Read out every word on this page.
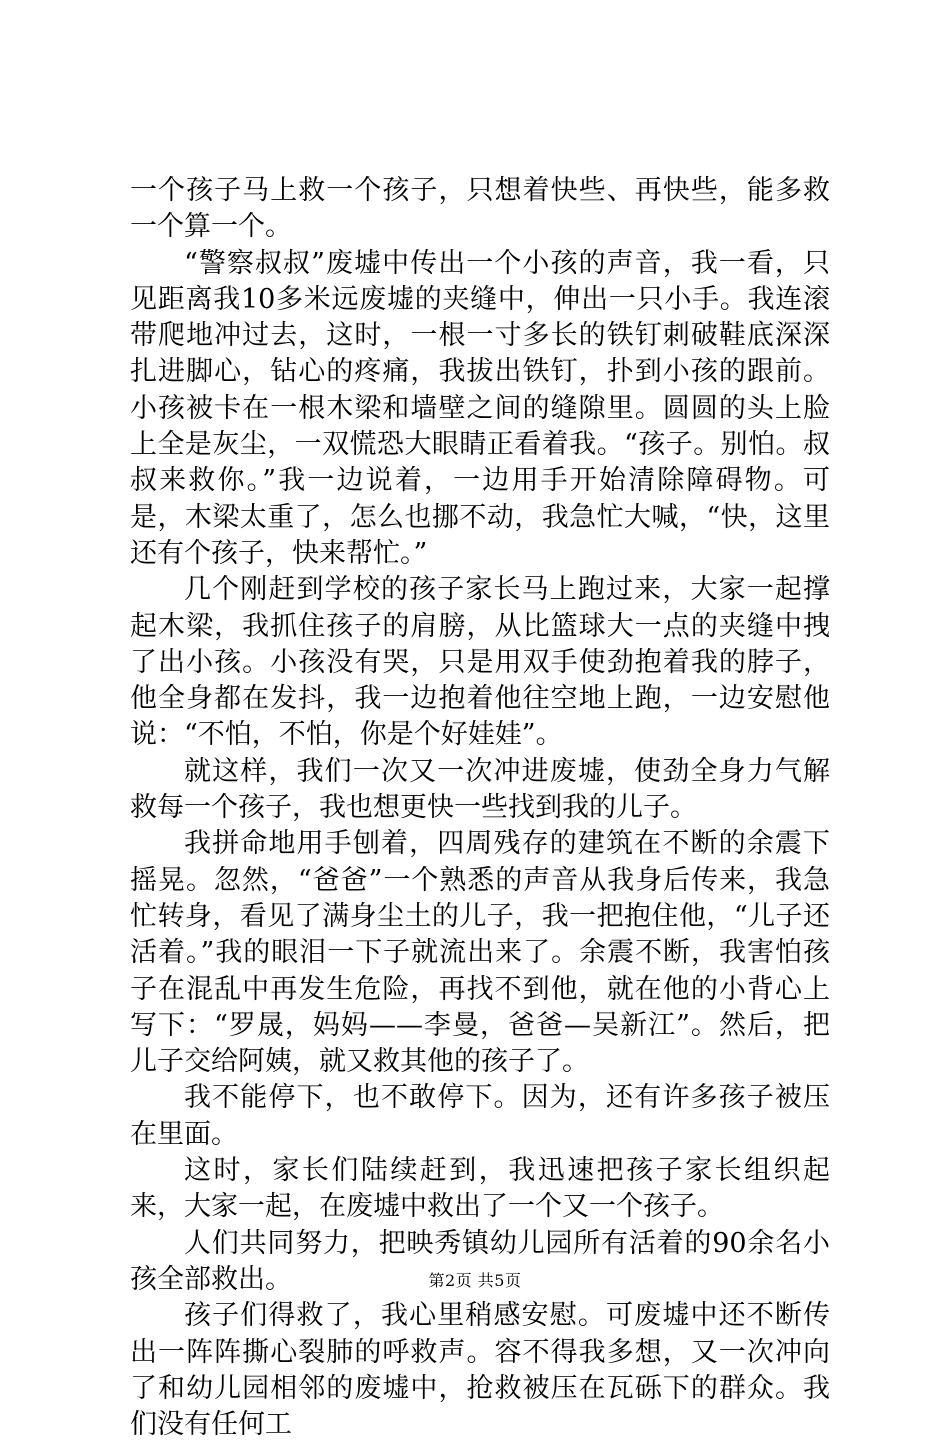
一个孩子马上救一个孩子，只想着快些、再快些，能多救一个算一个。

“警察叔叔”废墟中传出一个小孩的声音，我一看，只见距离我10多米远废墟的夹缝中，伸出一只小手。我连滚带爬地冲过去，这时，一根一寸多长的铁钉刺破鞋底深深扎进脚心，钻心的疼痛，我拔出铁钉，扑到小孩的跟前。小孩被卡在一根木梁和墙壁之间的缝隙里。圆圆的头上脸上全是灰尘，一双慌恐大眼睛正看着我。“孩子。别怕。叔叔来救你。”我一边说着，一边用手开始清除障碍物。可是，木梁太重了，怎么也挪不动，我急忙大喊，“快，这里还有个孩子，快来帮忙。”

几个刚赶到学校的孩子家长马上跑过来，大家一起撑起木梁，我抓住孩子的肩膀，从比篮球大一点的夹缝中拽了出小孩。小孩没有哭，只是用双手使劲抱着我的脖子，他全身都在发抖，我一边抱着他往空地上跑，一边安慰他说：“不怕，不怕，你是个好娃娃”。

就这样，我们一次又一次冲进废墟，使劲全身力气解救每一个孩子，我也想更快一些找到我的儿子。

我拼命地用手刨着，四周残存的建筑在不断的余震下摇晃。忽然，“爸爸”一个熟悉的声音从我身后传来，我急忙转身，看见了满身尘土的儿子，我一把抱住他，“儿子还活着。”我的眼泪一下子就流出来了。余震不断，我害怕孩子在混乱中再发生危险，再找不到他，就在他的小背心上写下：“罗晟，妈妈——李曼，爸爸—吴新江”。然后，把儿子交给阿姨，就又救其他的孩子了。

我不能停下，也不敢停下。因为，还有许多孩子被压在里面。

这时，家长们陆续赶到，我迅速把孩子家长组织起来，大家一起，在废墟中救出了一个又一个孩子。

人们共同努力，把映秀镇幼儿园所有活着的90余名小孩全部救出。

孩子们得救了，我心里稍感安慰。可废墟中还不断传出一阵阵撕心裂肺的呼救声。容不得我多想，又一次冲向了和幼儿园相邻的废墟中，抢救被压在瓦砾下的群众。我们没有任何工

第2页 共5页
